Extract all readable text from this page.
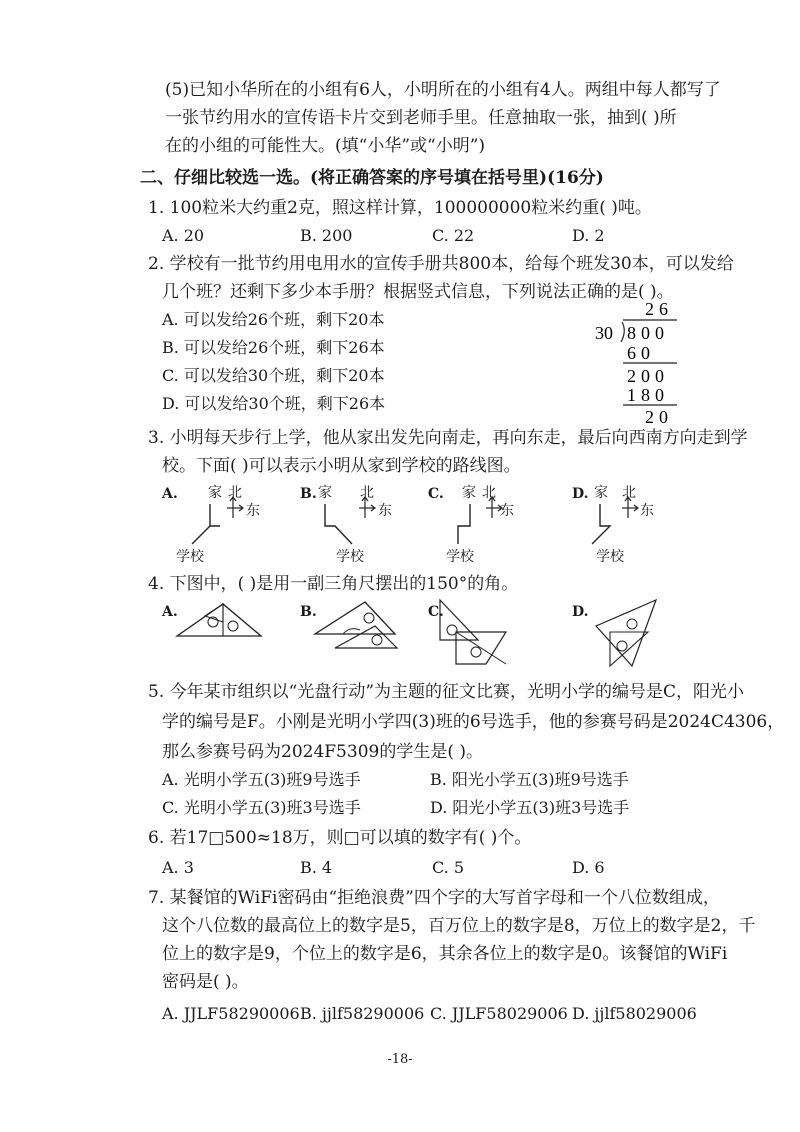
(5)已知小华所在的小组有6人，小明所在的小组有4人。两组中每人都写了
一张节约用水的宣传语卡片交到老师手里。任意抽取一张，抽到( )所
在的小组的可能性大。(填“小华”或“小明”)
二、仔细比较选一选。(将正确答案的序号填在括号里)(16分)
1. 100粒米大约重2克，照这样计算，100000000粒米约重( )吨。
A. 20	B. 200	C. 22	D. 2
2. 学校有一批节约用电用水的宣传手册共800本，给每个班发30本，可以发给
几个班？还剩下多少本手册？根据竖式信息，下列说法正确的是( )。
A. 可以发给26个班，剩下20本
B. 可以发给26个班，剩下26本
C. 可以发给30个班，剩下20本
D. 可以发给30个班，剩下26本
26
30 800
60
200
180
20
3. 小明每天步行上学，他从家出发先向南走，再向东走，最后向西南方向走到学
校。下面( )可以表示小明从家到学校的路线图。
A. 家 北
东
学校
B. 家 北
东
学校
C. 家 北
东
学校
D. 家 北
东
学校
4. 下图中，( )是用一副三角尺摆出的150°的角。
A.	B.	C.	D.
5. 今年某市组织以“光盘行动”为主题的征文比赛，光明小学的编号是C，阳光小
学的编号是F。小刚是光明小学四(3)班的6号选手，他的参赛号码是2024C4306，
那么参赛号码为2024F5309的学生是( )。
A. 光明小学五(3)班9号选手	B. 阳光小学五(3)班9号选手
C. 光明小学五(3)班3号选手	D. 阳光小学五(3)班3号选手
6. 若17□500≈18万，则□可以填的数字有( )个。
A. 3	B. 4	C. 5	D. 6
7. 某餐馆的WiFi密码由“拒绝浪费”四个字的大写首字母和一个八位数组成，
这个八位数的最高位上的数字是5，百万位上的数字是8，万位上的数字是2，千
位上的数字是9，个位上的数字是6，其余各位上的数字是0。该餐馆的WiFi
密码是( )。
A. JJLF58290006 B. jjlf58290006 C. JJLF58029006 D. jjlf58029006
-18-
